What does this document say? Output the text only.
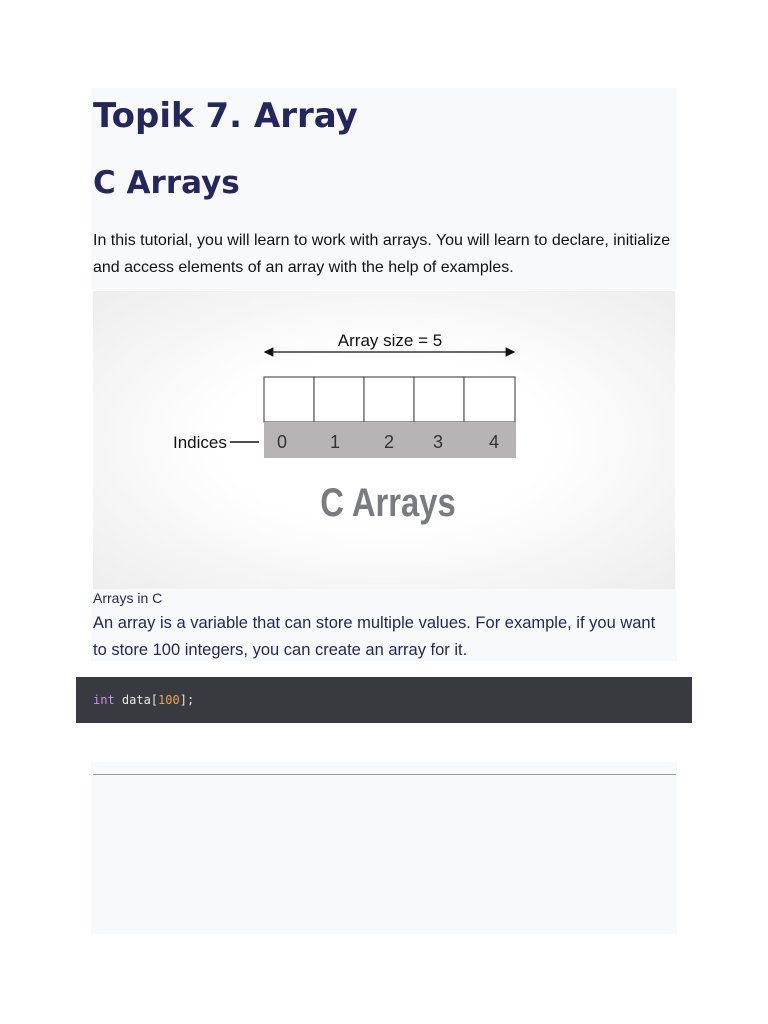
Topik 7. Array
C Arrays

In this tutorial, you will learn to work with arrays. You will learn to declare, initialize and access elements of an array with the help of examples.

Array size = 5
Indices	0 1 2 3	4
C Arrays

Arrays in C

An array is a variable that can store multiple values. For example, if you want to store 100 integers, you can create an array for it.

int data[100];
